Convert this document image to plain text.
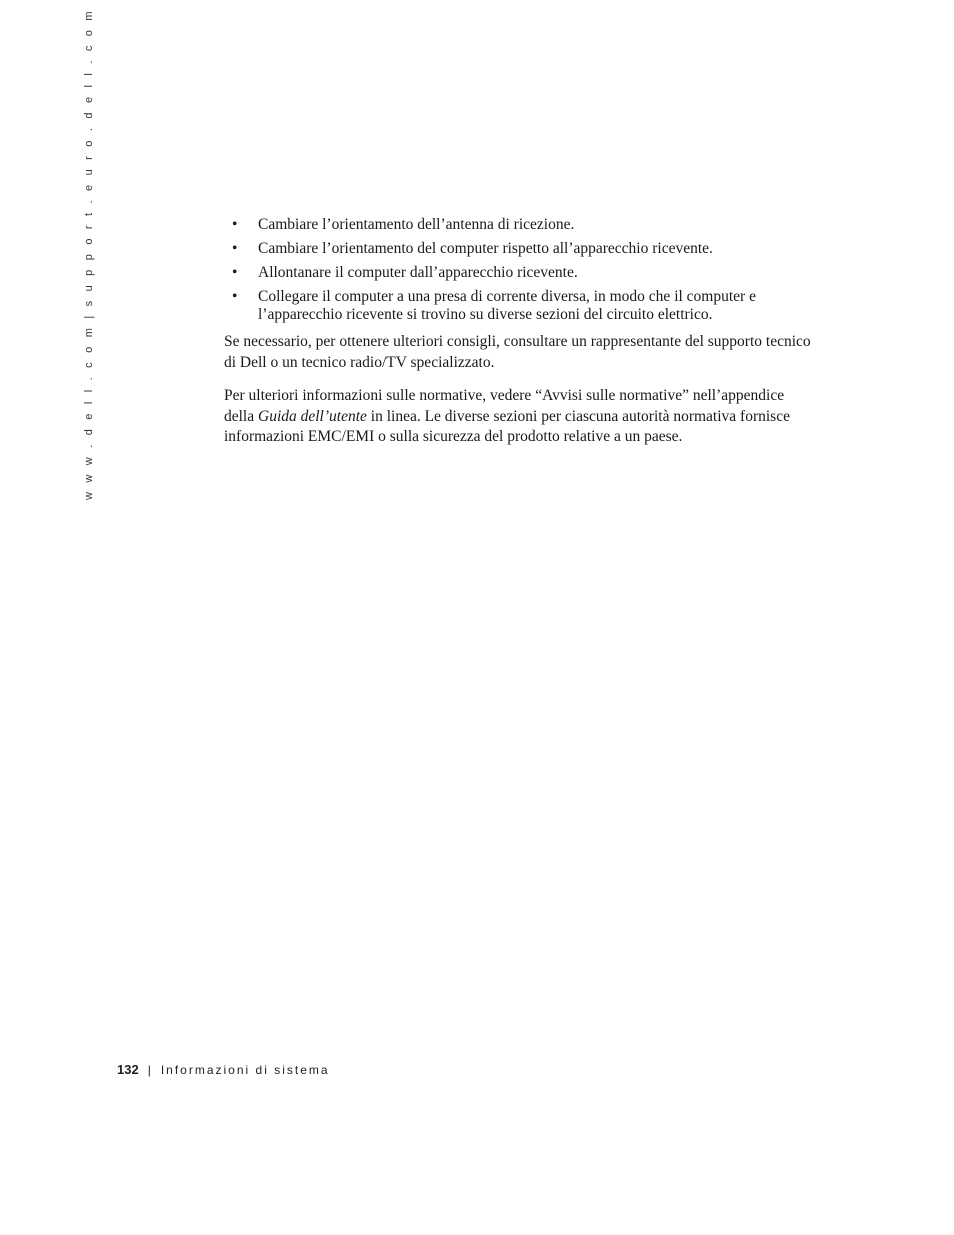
w w w . d e l l . c o m | s u p p o r t . e u r o . d e l l . c o m	• Cambiare l’orientamento dell’antenna di ricezione.
• Cambiare l’orientamento del computer rispetto all’apparecchio ricevente.
• Allontanare il computer dall’apparecchio ricevente.
• Collegare il computer a una presa di corrente diversa, in modo che il computer e l’apparecchio ricevente si trovino su diverse sezioni del circuito elettrico.

Se necessario, per ottenere ulteriori consigli, consultare un rappresentante del supporto tecnico di Dell o un tecnico radio/TV specializzato.

Per ulteriori informazioni sulle normative, vedere “Avvisi sulle normative” nell’appendice della Guida dell’utente in linea. Le diverse sezioni per ciascuna autorità normativa fornisce informazioni EMC/EMI o sulla sicurezza del prodotto relative a un paese.

132 | Informazioni di sistema
